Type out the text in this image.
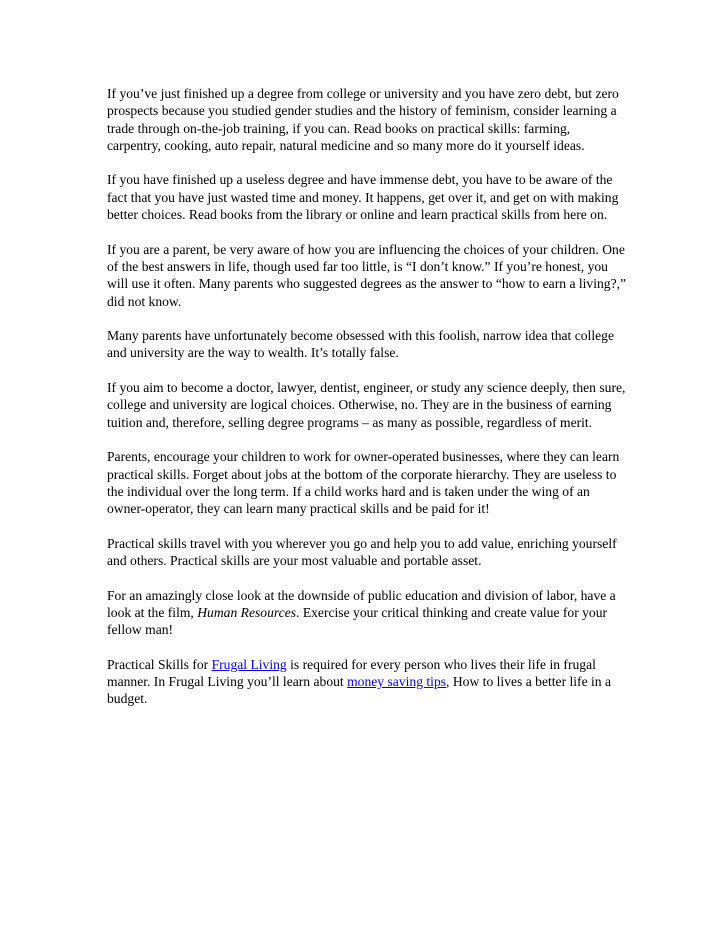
If you’ve just finished up a degree from college or university and you have zero debt, but zero prospects because you studied gender studies and the history of feminism, consider learning a trade through on-the-job training, if you can. Read books on practical skills: farming, carpentry, cooking, auto repair, natural medicine and so many more do it yourself ideas.

If you have finished up a useless degree and have immense debt, you have to be aware of the fact that you have just wasted time and money. It happens, get over it, and get on with making better choices. Read books from the library or online and learn practical skills from here on.

If you are a parent, be very aware of how you are influencing the choices of your children. One of the best answers in life, though used far too little, is “I don’t know.” If you’re honest, you will use it often. Many parents who suggested degrees as the answer to “how to earn a living?,” did not know.

Many parents have unfortunately become obsessed with this foolish, narrow idea that college and university are the way to wealth. It’s totally false.

If you aim to become a doctor, lawyer, dentist, engineer, or study any science deeply, then sure, college and university are logical choices. Otherwise, no. They are in the business of earning tuition and, therefore, selling degree programs – as many as possible, regardless of merit.

Parents, encourage your children to work for owner-operated businesses, where they can learn practical skills. Forget about jobs at the bottom of the corporate hierarchy. They are useless to the individual over the long term. If a child works hard and is taken under the wing of an owner-operator, they can learn many practical skills and be paid for it!

Practical skills travel with you wherever you go and help you to add value, enriching yourself and others. Practical skills are your most valuable and portable asset.

For an amazingly close look at the downside of public education and division of labor, have a look at the film, Human Resources. Exercise your critical thinking and create value for your fellow man!

Practical Skills for Frugal Living is required for every person who lives their life in frugal manner. In Frugal Living you’ll learn about money saving tips, How to lives a better life in a budget.
